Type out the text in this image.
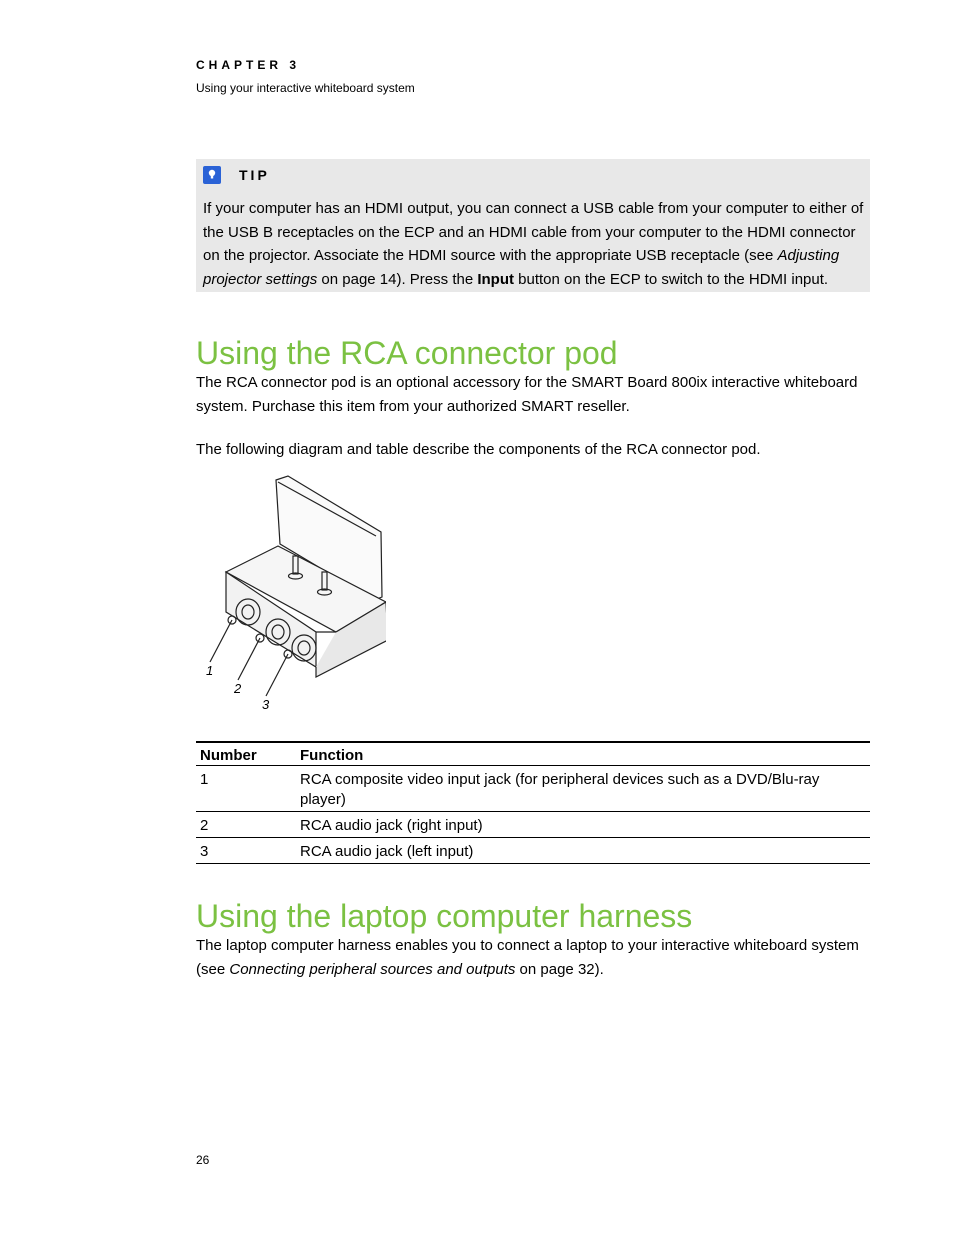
CHAPTER 3
Using your interactive whiteboard system
TIP
If your computer has an HDMI output, you can connect a USB cable from your computer to either of the USB B receptacles on the ECP and an HDMI cable from your computer to the HDMI connector on the projector. Associate the HDMI source with the appropriate USB receptacle (see Adjusting projector settings on page 14). Press the Input button on the ECP to switch to the HDMI input.
Using the RCA connector pod

The RCA connector pod is an optional accessory for the SMART Board 800ix interactive whiteboard system. Purchase this item from your authorized SMART reseller.

The following diagram and table describe the components of the RCA connector pod.

1
2
3
Number	Function
1	RCA composite video input jack (for peripheral devices such as a DVD/Blu-ray player)
2	RCA audio jack (right input)
3	RCA audio jack (left input)
Using the laptop computer harness

The laptop computer harness enables you to connect a laptop to your interactive whiteboard system (see Connecting peripheral sources and outputs on page 32).

26
